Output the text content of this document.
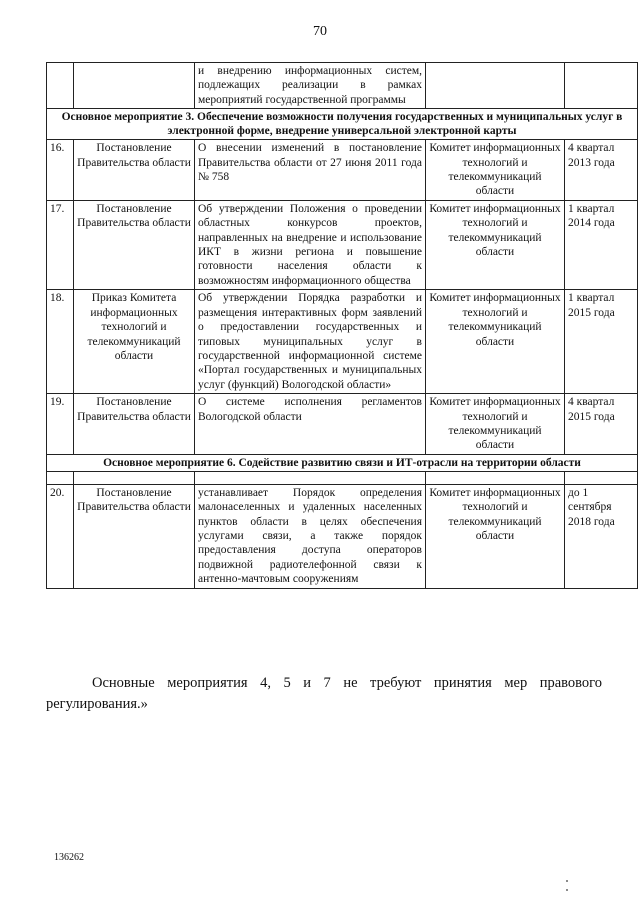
70
		и внедрению информационных систем, подлежащих реализации в рамках мероприятий государственной программы		
Основное мероприятие 3. Обеспечение возможности получения государственных и муниципальных услуг в электронной форме, внедрение универсальной электронной карты				
16.	Постановление Правительства области	О внесении изменений в постановление Правительства области от 27 июня 2011 года № 758	Комитет информационных технологий и телекоммуникаций области	4 квартал 2013 года
17.	Постановление Правительства области	Об утверждении Положения о проведении областных конкурсов проектов, направленных на внедрение и использование ИКТ в жизни региона и повышение готовности населения области к возможностям информационного общества	Комитет информационных технологий и телекоммуникаций области	1 квартал 2014 года
18.	Приказ Комитета информационных технологий и телекоммуникаций области	Об утверждении Порядка разработки и размещения интерактивных форм заявлений о предоставлении государственных и типовых муниципальных услуг в государственной информационной системе «Портал государственных и муниципальных услуг (функций) Вологодской области»	Комитет информационных технологий и телекоммуникаций области	1 квартал 2015 года
19.	Постановление Правительства области	О системе исполнения регламентов Вологодской области	Комитет информационных технологий и телекоммуникаций области	4 квартал 2015 года
Основное мероприятие 6. Содействие развитию связи и ИТ-отрасли на территории области				

20.	Постановление Правительства области	устанавливает Порядок определения малонаселенных и удаленных населенных пунктов области в целях обеспечения услугами связи, а также порядок предоставления доступа операторов подвижной радиотелефонной связи к антенно-мачтовым сооружениям	Комитет информационных технологий и телекоммуникаций области	до 1 сентября 2018 года
Основные мероприятия 4, 5 и 7 не требуют принятия мер правового регулирования.»
136262
